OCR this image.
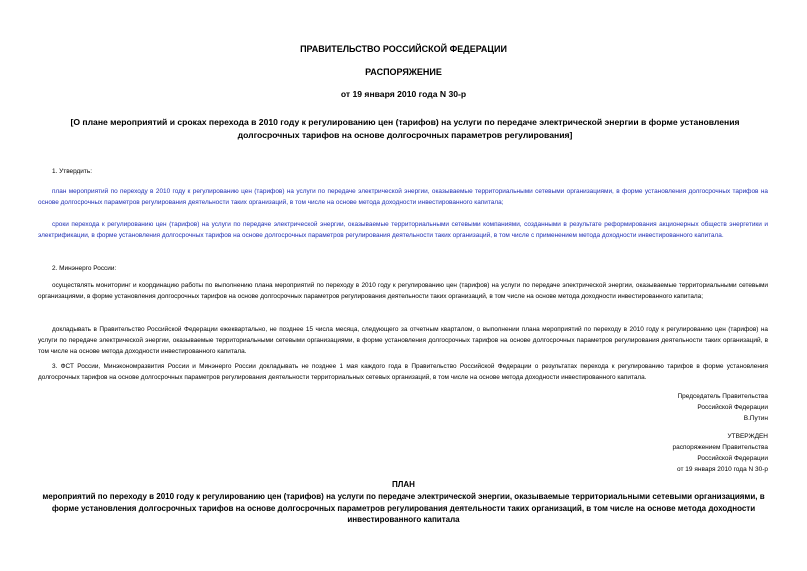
ПРАВИТЕЛЬСТВО РОССИЙСКОЙ ФЕДЕРАЦИИ
РАСПОРЯЖЕНИЕ
от 19 января 2010 года N 30-р
[О плане мероприятий и сроках перехода в 2010 году к регулированию цен (тарифов) на услуги по передаче электрической энергии в форме установления долгосрочных тарифов на основе долгосрочных параметров регулирования]
1. Утвердить:
план мероприятий по переходу в 2010 году к регулированию цен (тарифов) на услуги по передаче электрической энергии, оказываемые территориальными сетевыми организациями, в форме установления долгосрочных тарифов на основе долгосрочных параметров регулирования деятельности таких организаций, в том числе на основе метода доходности инвестированного капитала;
сроки перехода к регулированию цен (тарифов) на услуги по передаче электрической энергии, оказываемые территориальными сетевыми компаниями, созданными в результате реформирования акционерных обществ энергетики и электрификации, в форме установления долгосрочных тарифов на основе долгосрочных параметров регулирования деятельности таких организаций, в том числе с применением метода доходности инвестированного капитала.
2. Минэнерго России:
осуществлять мониторинг и координацию работы по выполнению плана мероприятий по переходу в 2010 году к регулированию цен (тарифов) на услуги по передаче электрической энергии, оказываемые территориальными сетевыми организациями, в форме установления долгосрочных тарифов на основе долгосрочных параметров регулирования деятельности таких организаций, в том числе на основе метода доходности инвестированного капитала;
докладывать в Правительство Российской Федерации ежеквартально, не позднее 15 числа месяца, следующего за отчетным кварталом, о выполнении плана мероприятий по переходу в 2010 году к регулированию цен (тарифов) на услуги по передаче электрической энергии, оказываемые территориальными сетевыми организациями, в форме установления долгосрочных тарифов на основе долгосрочных параметров регулирования деятельности таких организаций, в том числе на основе метода доходности инвестированного капитала.
3. ФСТ России, Минэкономразвития России и Минэнерго России докладывать не позднее 1 мая каждого года в Правительство Российской Федерации о результатах перехода к регулированию тарифов в форме установления долгосрочных тарифов на основе долгосрочных параметров регулирования деятельности территориальных сетевых организаций, в том числе на основе метода доходности инвестированного капитала.
Председатель Правительства
Российской Федерации
В.Путин
УТВЕРЖДЕН
распоряжением Правительства
Российской Федерации
от 19 января 2010 года N 30-р
ПЛАН
мероприятий по переходу в 2010 году к регулированию цен (тарифов) на услуги по передаче электрической энергии, оказываемые территориальными сетевыми организациями, в форме установления долгосрочных тарифов на основе долгосрочных параметров регулирования деятельности таких организаций, в том числе на основе метода доходности инвестированного капитала
